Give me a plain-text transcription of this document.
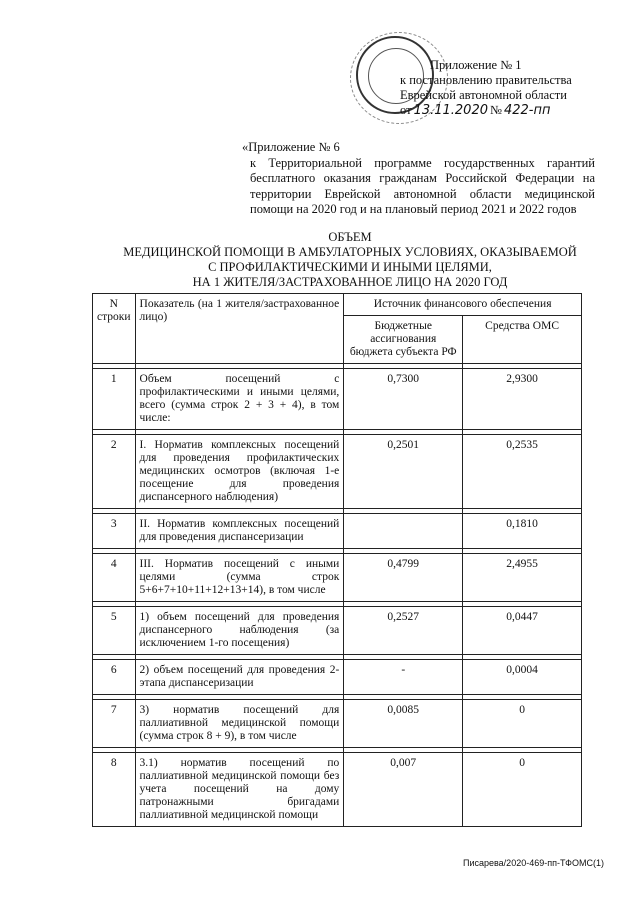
Приложение № 1
к постановлению правительства
Еврейской автономной области
от 13.11.2020 № 422-пп
«Приложение № 6
к Территориальной программе государственных гарантий бесплатного оказания гражданам Российской Федерации на территории Еврейской автономной области медицинской помощи на 2020 год и на плановый период 2021 и 2022 годов
ОБЪЕМ
МЕДИЦИНСКОЙ ПОМОЩИ В АМБУЛАТОРНЫХ УСЛОВИЯХ, ОКАЗЫВАЕМОЙ
С ПРОФИЛАКТИЧЕСКИМИ И ИНЫМИ ЦЕЛЯМИ,
НА 1 ЖИТЕЛЯ/ЗАСТРАХОВАННОЕ ЛИЦО НА 2020 ГОД
N строки	Показатель (на 1 жителя/застрахованное лицо)	Источник финансового обеспечения	
		Бюджетные ассигнования бюджета субъекта РФ	Средства ОМС

1	Объем посещений с профилактическими и иными целями, всего (сумма строк 2 + 3 + 4), в том числе:	0,7300	2,9300

2	I. Норматив комплексных посещений для проведения профилактических медицинских осмотров (включая 1-е посещение для проведения диспансерного наблюдения)	0,2501	0,2535

3	II. Норматив комплексных посещений для проведения диспансеризации		0,1810

4	III. Норматив посещений с иными целями (сумма строк 5+6+7+10+11+12+13+14), в том числе	0,4799	2,4955

5	1) объем посещений для проведения диспансерного наблюдения (за исключением 1-го посещения)	0,2527	0,0447

6	2) объем посещений для проведения 2-этапа диспансеризации	-	0,0004

7	3) норматив посещений для паллиативной медицинской помощи (сумма строк 8 + 9), в том числе	0,0085	0

8	3.1) норматив посещений по паллиативной медицинской помощи без учета посещений на дому патронажными бригадами паллиативной медицинской помощи	0,007	0
Писарева/2020-469-пп-ТФОМС(1)
